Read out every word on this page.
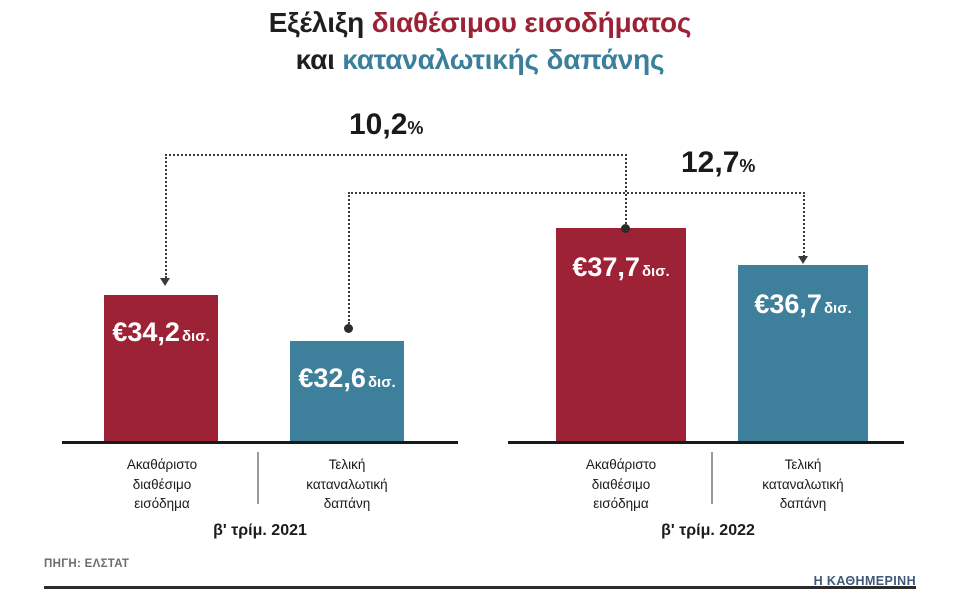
Εξέλιξη διαθέσιμου εισοδήματος
και καταναλωτικής δαπάνης
€34,2 δισ.
Ακαθάριστο
διαθέσιμο
εισόδημα
€32,6 δισ.
Τελική
καταναλωτική
δαπάνη
β' τρίμ. 2021
€37,7 δισ.
Ακαθάριστο
διαθέσιμο
εισόδημα
€36,7 δισ.
Τελική
καταναλωτική
δαπάνη
β' τρίμ. 2022
10,2%
12,7%
ΠΗΓΗ: ΕΛΣΤΑΤ
Η ΚΑΘΗΜΕΡΙΝΗ
